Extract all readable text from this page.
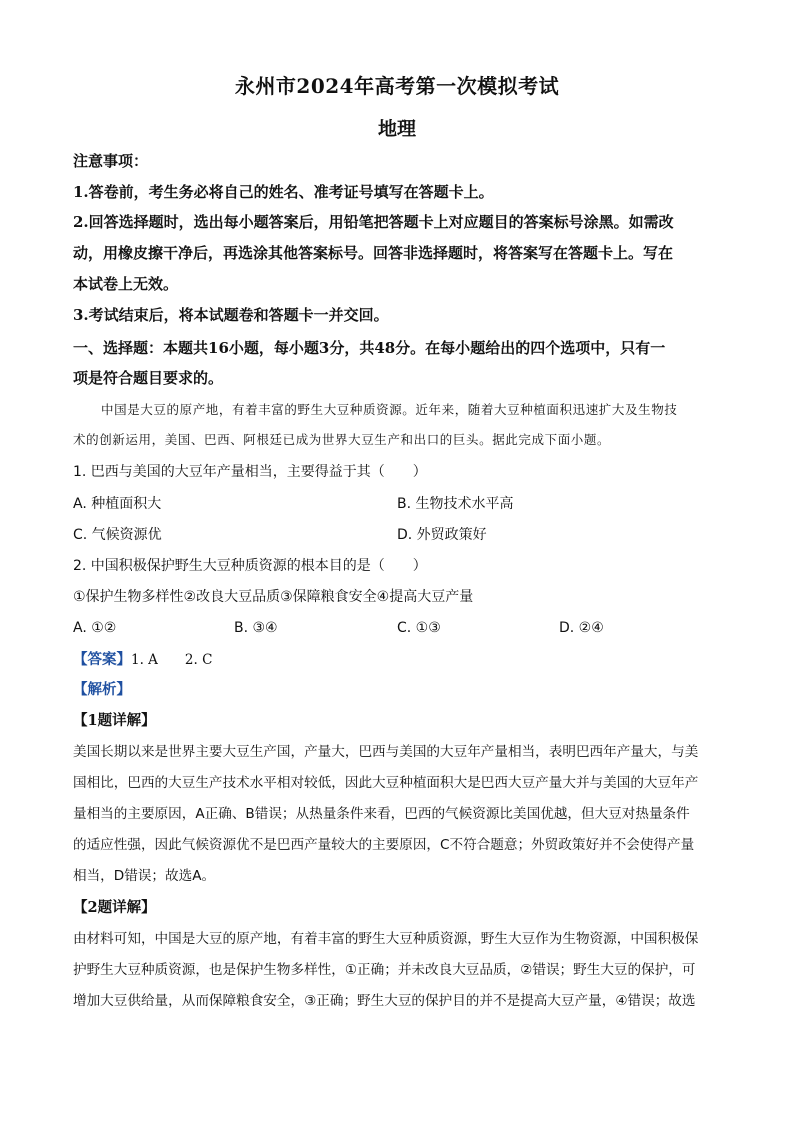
永州市2024年高考第一次模拟考试
地理
注意事项：
1.答卷前，考生务必将自己的姓名、准考证号填写在答题卡上。
2.回答选择题时，选出每小题答案后，用铅笔把答题卡上对应题目的答案标号涂黑。如需改
动，用橡皮擦干净后，再选涂其他答案标号。回答非选择题时，将答案写在答题卡上。写在
本试卷上无效。
3.考试结束后，将本试题卷和答题卡一并交回。
一、选择题：本题共16小题，每小题3分，共48分。在每小题给出的四个选项中，只有一
项是符合题目要求的。
中国是大豆的原产地，有着丰富的野生大豆种质资源。近年来，随着大豆种植面积迅速扩大及生物技
术的创新运用，美国、巴西、阿根廷已成为世界大豆生产和出口的巨头。据此完成下面小题。
1. 巴西与美国的大豆年产量相当，主要得益于其（　　）
A. 种植面积大	B. 生物技术水平高
C. 气候资源优	D. 外贸政策好
2. 中国积极保护野生大豆种质资源的根本目的是（　　）
①保护生物多样性②改良大豆品质③保障粮食安全④提高大豆产量
A. ①②	B. ③④	C. ①③	D. ②④
【答案】1. A　　2. C
【解析】
【1题详解】
美国长期以来是世界主要大豆生产国，产量大，巴西与美国的大豆年产量相当，表明巴西年产量大，与美
国相比，巴西的大豆生产技术水平相对较低，因此大豆种植面积大是巴西大豆产量大并与美国的大豆年产
量相当的主要原因，A正确、B错误；从热量条件来看，巴西的气候资源比美国优越，但大豆对热量条件
的适应性强，因此气候资源优不是巴西产量较大的主要原因，C不符合题意；外贸政策好并不会使得产量
相当，D错误；故选A。
【2题详解】
由材料可知，中国是大豆的原产地，有着丰富的野生大豆种质资源，野生大豆作为生物资源，中国积极保
护野生大豆种质资源，也是保护生物多样性，①正确；并未改良大豆品质，②错误；野生大豆的保护，可
增加大豆供给量，从而保障粮食安全，③正确；野生大豆的保护目的并不是提高大豆产量，④错误；故选
